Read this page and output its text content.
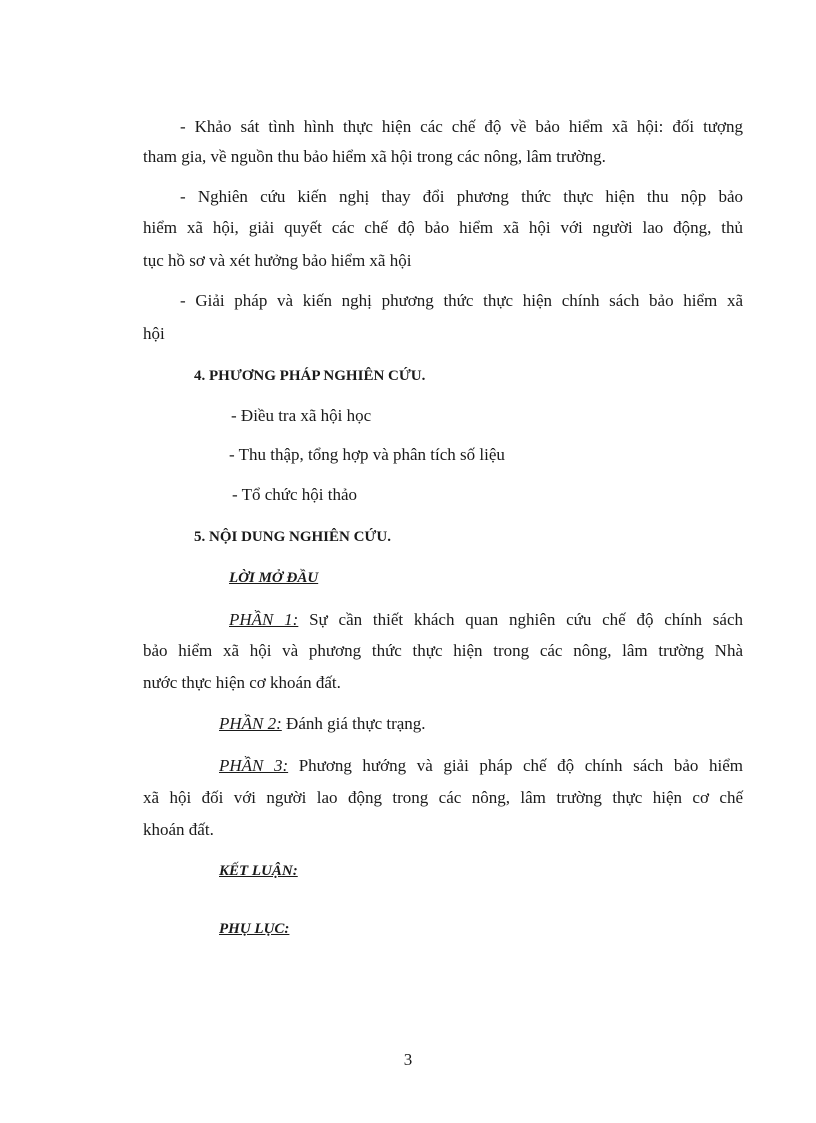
- Khảo sát tình hình thực hiện các chế độ về bảo hiểm xã hội: đối tượng
tham gia, về nguồn thu bảo hiểm xã hội trong các nông, lâm trường.
- Nghiên cứu kiến nghị thay đổi phương thức thực hiện thu nộp bảo
hiểm xã hội, giải quyết các chế độ bảo hiểm xã hội với người lao động, thủ
tục hồ sơ và xét hưởng bảo hiểm xã hội
- Giải pháp và kiến nghị phương thức thực hiện chính sách bảo hiểm xã
hội
4. PHƯƠNG PHÁP NGHIÊN CỨU.
- Điều tra xã hội học
- Thu thập, tổng hợp và phân tích số liệu
- Tổ chức hội thảo
5. NỘI DUNG NGHIÊN CỨU.
LỜI MỞ ĐẦU
PHẦN 1: Sự cần thiết khách quan nghiên cứu chế độ chính sách
bảo hiểm xã hội và phương thức thực hiện trong các nông, lâm trường Nhà
nước thực hiện cơ khoán đất.
PHẦN 2: Đánh giá thực trạng.
PHẦN 3: Phương hướng và giải pháp chế độ chính sách bảo hiểm
xã hội đối với người lao động trong các nông, lâm trường thực hiện cơ chế
khoán đất.
KẾT LUẬN:
PHỤ LỤC:
3
